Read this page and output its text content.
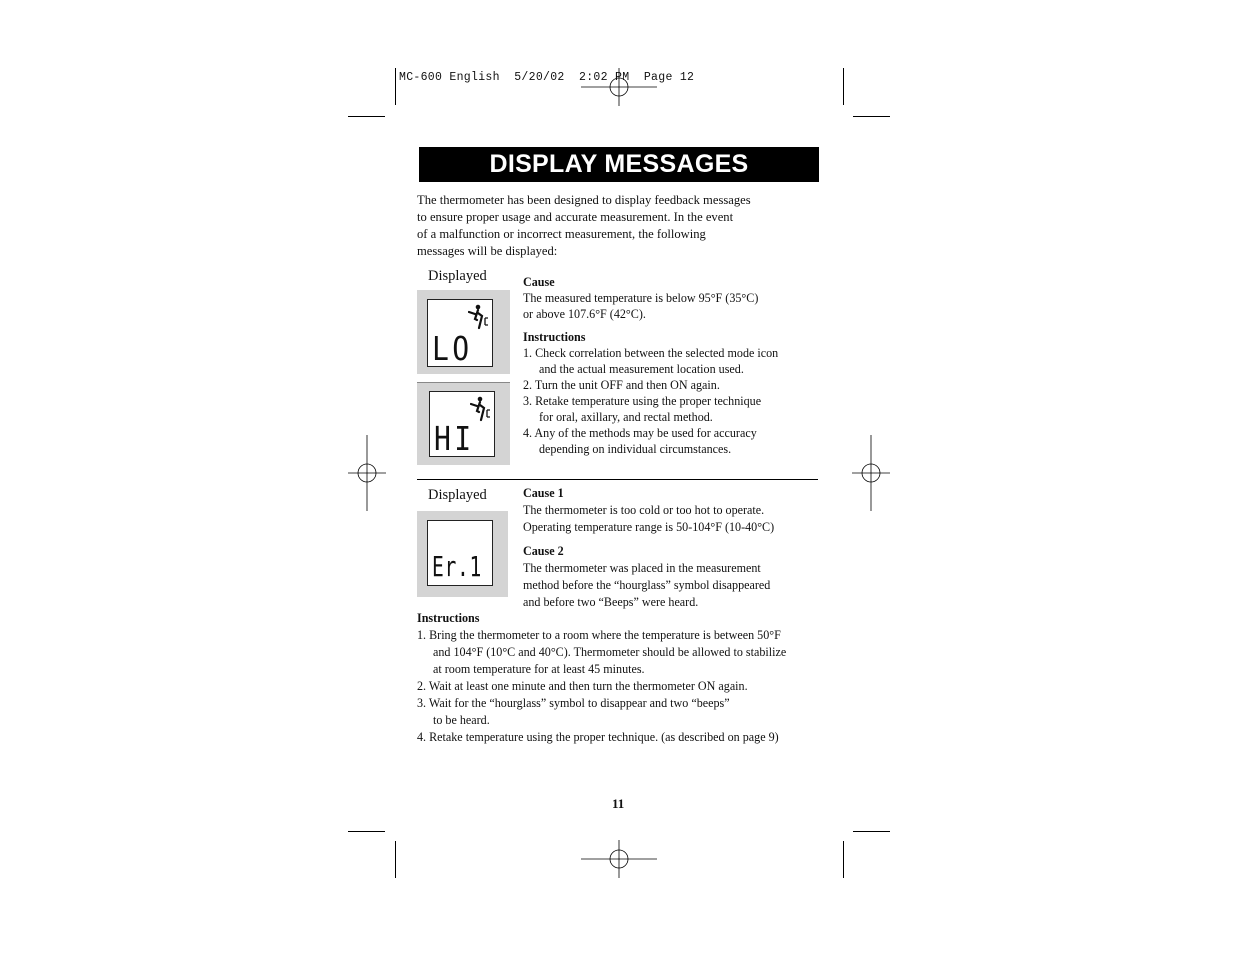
MC-600 English  5/20/02  2:02 PM  Page 12
DISPLAY MESSAGES
The thermometer has been designed to display feedback messages
to ensure proper usage and accurate measurement. In the event
of a malfunction or incorrect measurement, the following
messages will be displayed:
Displayed
LO
HI
Cause
The measured temperature is below 95°F (35°C)
or above 107.6°F (42°C).
Instructions
1. Check correlation between the selected mode icon
and the actual measurement location used.
2. Turn the unit OFF and then ON again.
3. Retake temperature using the proper technique
for oral, axillary, and rectal method.
4. Any of the methods may be used for accuracy
depending on individual circumstances.
Displayed
Er.1
Cause 1
The thermometer is too cold or too hot to operate.
Operating temperature range is 50-104°F (10-40°C)
Cause 2
The thermometer was placed in the measurement
method before the “hourglass” symbol disappeared
and before two “Beeps” were heard.
Instructions
1. Bring the thermometer to a room where the temperature is between 50°F
and 104°F (10°C and 40°C). Thermometer should be allowed to stabilize
at room temperature for at least 45 minutes.
2. Wait at least one minute and then turn the thermometer ON again.
3. Wait for the “hourglass” symbol to disappear and two “beeps”
to be heard.
4. Retake temperature using the proper technique. (as described on page 9)
11
